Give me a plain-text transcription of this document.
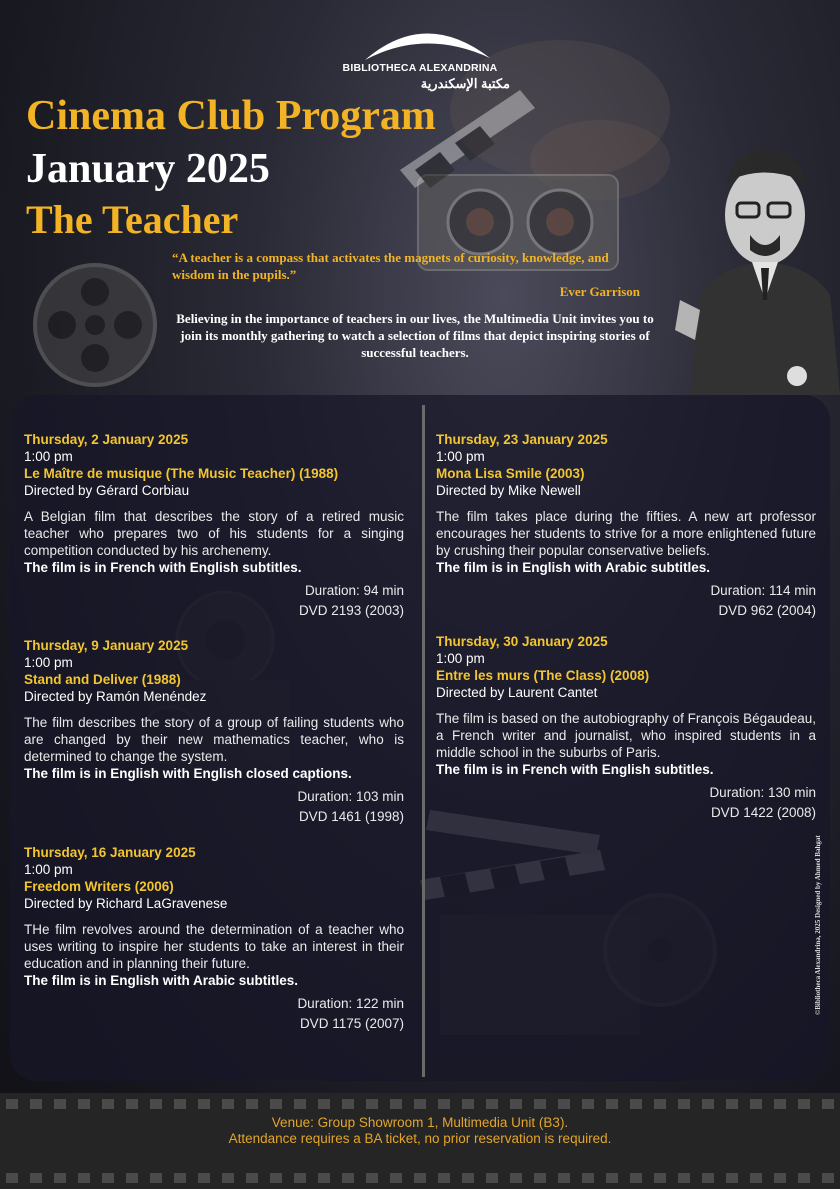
BIBLIOTHECA ALEXANDRINA
مكتبة الإسكندرية
Cinema Club Program
January 2025
The Teacher
“A teacher is a compass that activates the magnets of curiosity, knowledge, and wisdom in the pupils.”
Ever Garrison
Believing in the importance of teachers in our lives, the Multimedia Unit invites you to join its monthly gathering to watch a selection of films that depict inspiring stories of successful teachers.
Thursday, 2 January 2025
1:00 pm
Le Maître de musique (The Music Teacher) (1988)
Directed by Gérard Corbiau
A Belgian film that describes the story of a retired music teacher who prepares two of his students for a singing competition conducted by his archenemy.
The film is in French with English subtitles.
Duration: 94 min
DVD 2193 (2003)
Thursday, 9 January 2025
1:00 pm
Stand and Deliver (1988)
Directed by Ramón Menéndez
The film describes the story of a group of failing students who are changed by their new mathematics teacher, who is determined to change the system.
The film is in English with English closed captions.
Duration: 103 min
DVD 1461 (1998)
Thursday, 16 January 2025
1:00 pm
Freedom Writers (2006)
Directed by Richard LaGravenese
THe film revolves around the determination of a teacher who uses writing to inspire her students to take an interest in their education and in planning their future.
The film is in English with Arabic subtitles.
Duration: 122 min
DVD 1175 (2007)
Thursday, 23 January 2025
1:00 pm
Mona Lisa Smile (2003)
Directed by Mike Newell
The film takes place during the fifties. A new art professor encourages her students to strive for a more enlightened future by crushing their popular conservative beliefs.
The film is in English with Arabic subtitles.
Duration: 114 min
DVD 962 (2004)
Thursday, 30 January 2025
1:00 pm
Entre les murs (The Class) (2008)
Directed by Laurent Cantet
The film is based on the autobiography of François Bégaudeau, a French writer and journalist, who inspired students in a middle school in the suburbs of Paris.
The film is in French with English subtitles.
Duration: 130 min
DVD 1422 (2008)
©Bibliotheca Alexandrina, 2025 Designed by Ahmed Bahgat
Venue: Group Showroom 1, Multimedia Unit (B3).
Attendance requires a BA ticket, no prior reservation is required.
